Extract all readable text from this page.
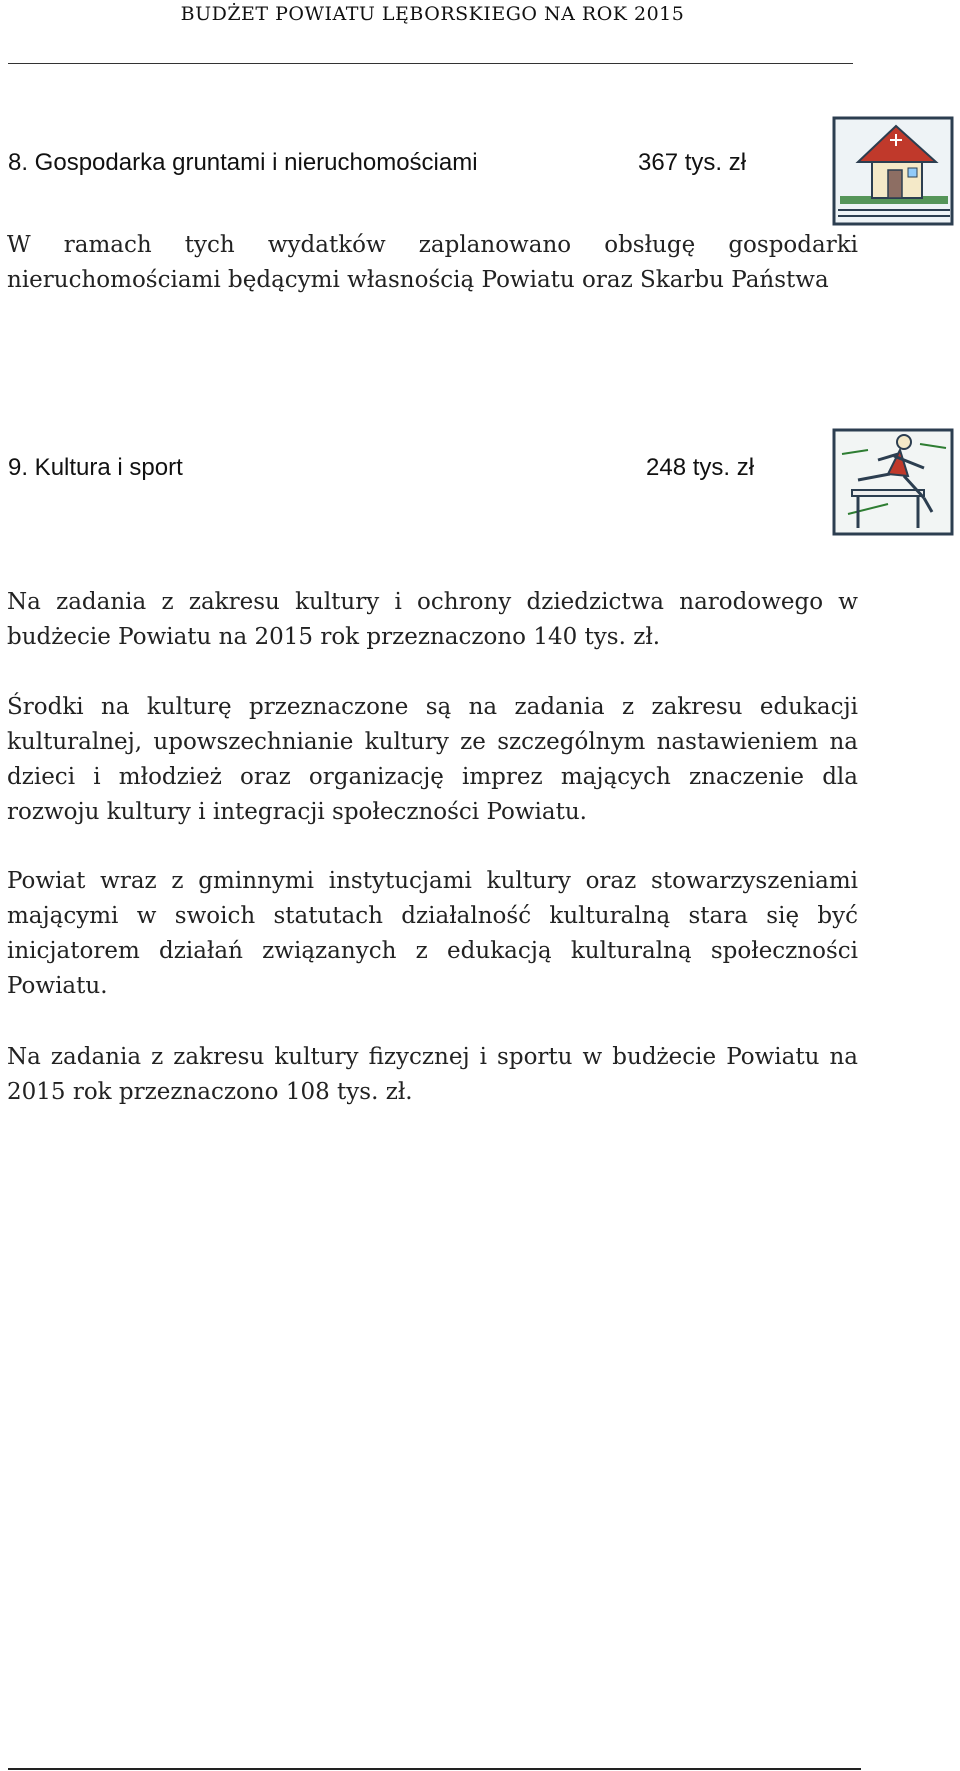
BUDŻET POWIATU LĘBORSKIEGO NA ROK 2015
8. Gospodarka gruntami i nieruchomościami	367 tys. zł

W ramach tych wydatków zaplanowano obsługę gospodarki nieruchomościami będącymi własnością Powiatu oraz Skarbu Państwa

9. Kultura i sport	248 tys. zł

Na zadania z zakresu kultury i ochrony dziedzictwa narodowego w budżecie Powiatu na 2015 rok przeznaczono 140 tys. zł.

Środki na kulturę przeznaczone są na zadania z zakresu edukacji kulturalnej, upowszechnianie kultury ze szczególnym nastawieniem na dzieci i młodzież oraz organizację imprez mających znaczenie dla rozwoju kultury i integracji społeczności Powiatu.

Powiat wraz z gminnymi instytucjami kultury oraz stowarzyszeniami mającymi w swoich statutach działalność kulturalną stara się być inicjatorem działań związanych z edukacją kulturalną społeczności Powiatu.

Na zadania z zakresu kultury fizycznej i sportu w budżecie Powiatu na 2015 rok przeznaczono 108 tys. zł.
